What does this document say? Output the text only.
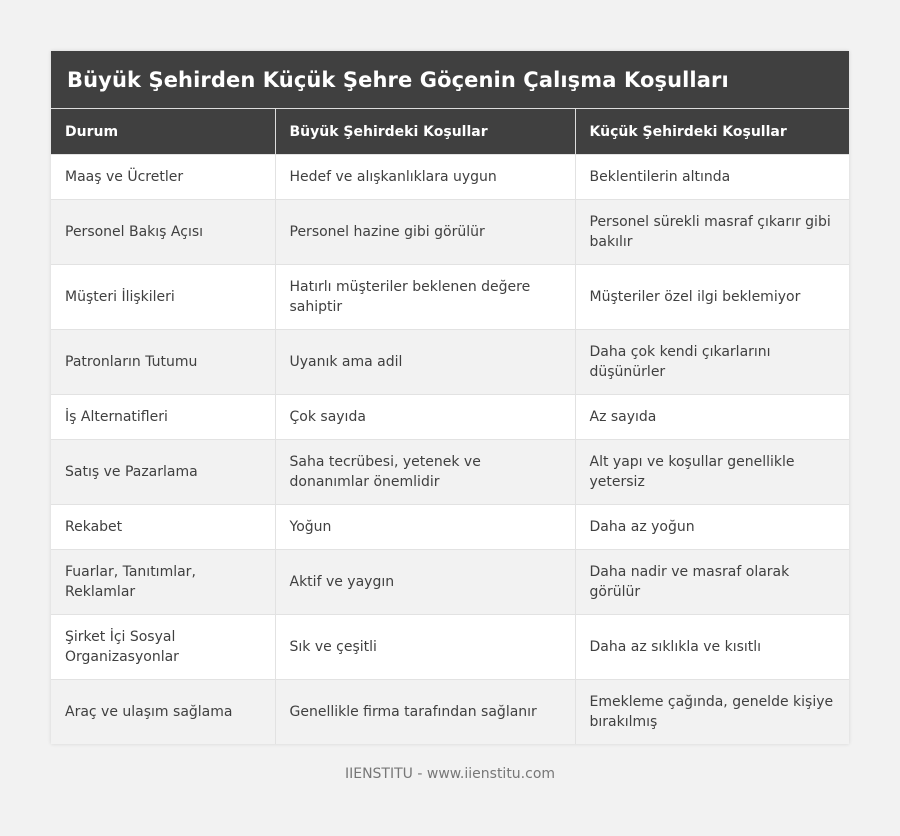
Büyük Şehirden Küçük Şehre Göçenin Çalışma Koşulları
Durum	Büyük Şehirdeki Koşullar	Küçük Şehirdeki Koşullar
Maaş ve Ücretler	Hedef ve alışkanlıklara uygun	Beklentilerin altında
Personel Bakış Açısı	Personel hazine gibi görülür	Personel sürekli masraf çıkarır gibi bakılır
Müşteri İlişkileri	Hatırlı müşteriler beklenen değere sahiptir	Müşteriler özel ilgi beklemiyor
Patronların Tutumu	Uyanık ama adil	Daha çok kendi çıkarlarını düşünürler
İş Alternatifleri	Çok sayıda	Az sayıda
Satış ve Pazarlama	Saha tecrübesi, yetenek ve donanımlar önemlidir	Alt yapı ve koşullar genellikle yetersiz
Rekabet	Yoğun	Daha az yoğun
Fuarlar, Tanıtımlar, Reklamlar	Aktif ve yaygın	Daha nadir ve masraf olarak görülür
Şirket İçi Sosyal Organizasyonlar	Sık ve çeşitli	Daha az sıklıkla ve kısıtlı
Araç ve ulaşım sağlama	Genellikle firma tarafından sağlanır	Emekleme çağında, genelde kişiye bırakılmış
IIENSTITU - www.iienstitu.com
